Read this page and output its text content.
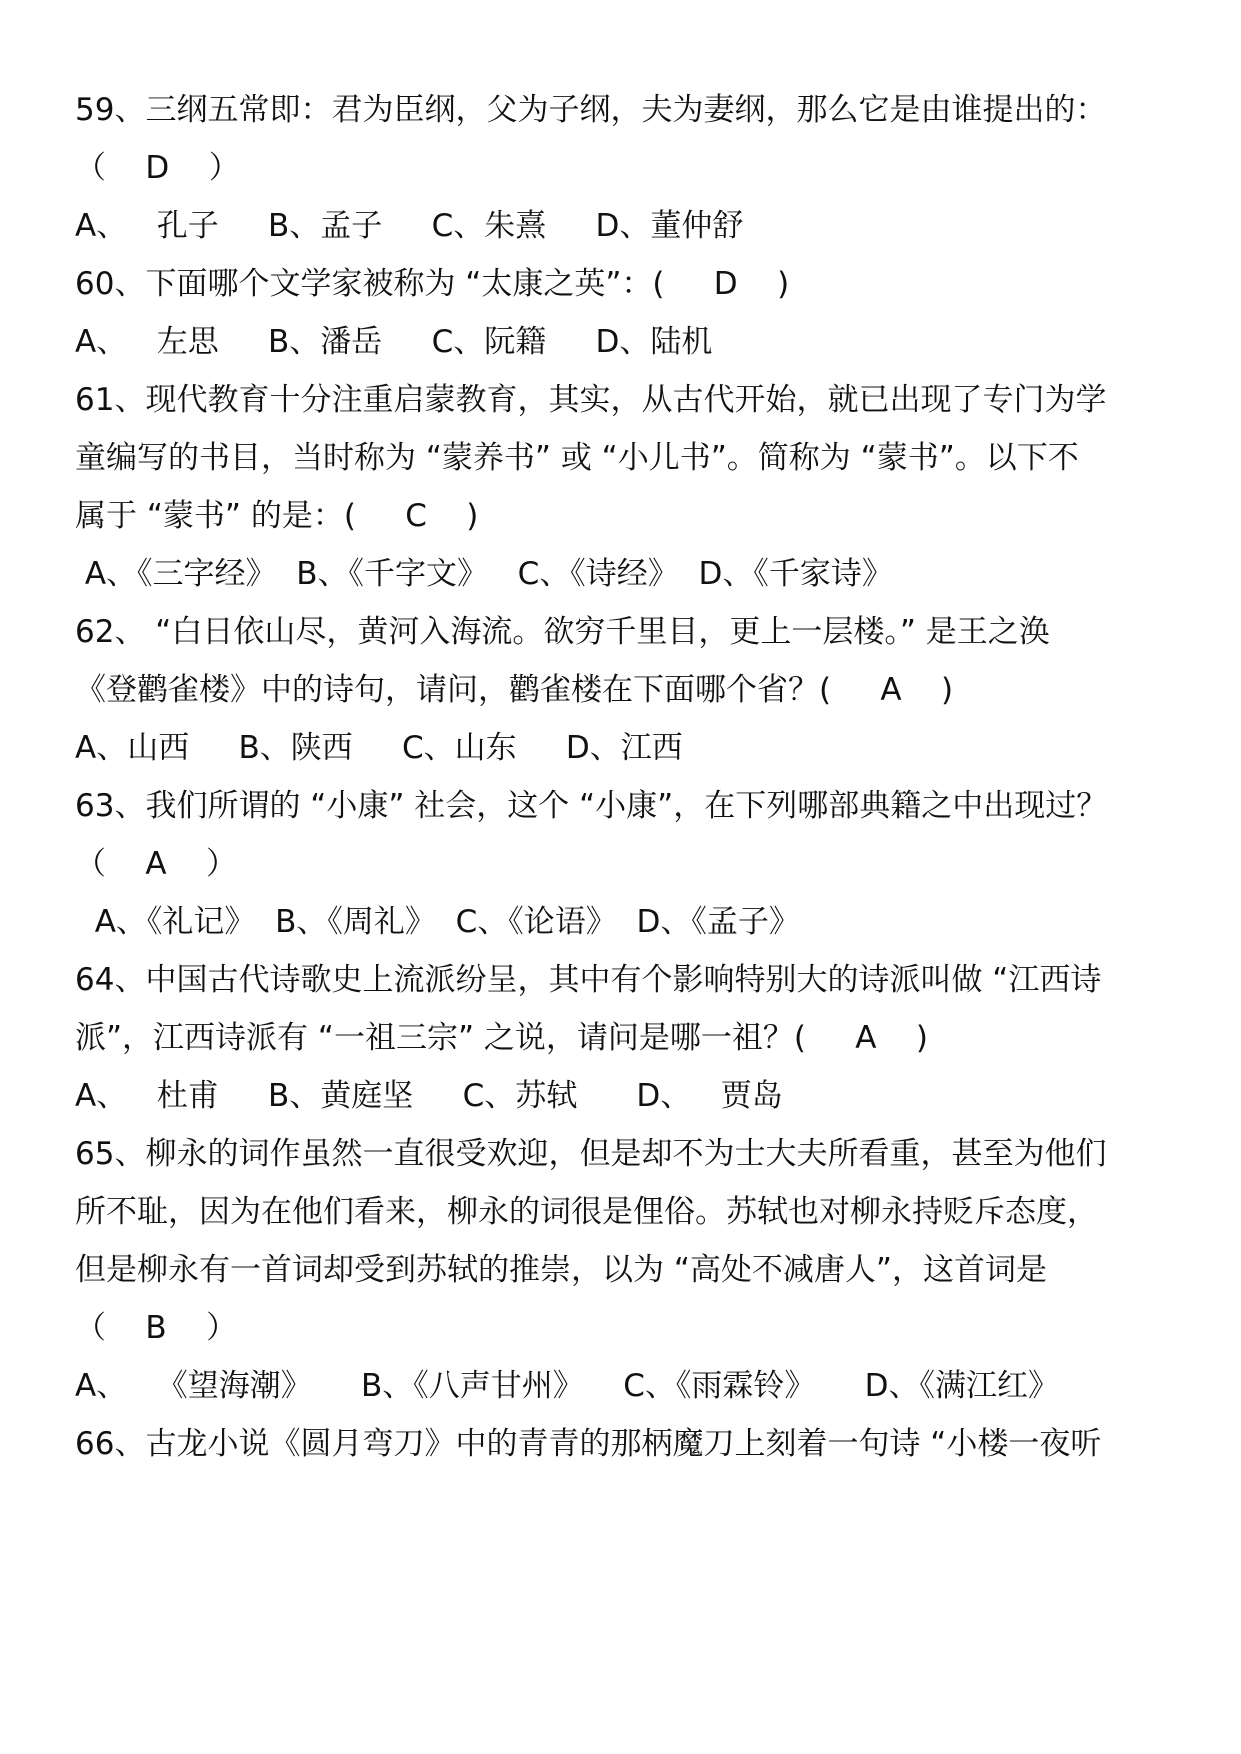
59、三纲五常即：君为臣纲，父为子纲，夫为妻纲，那么它是由谁提出的：
（    D    ）
A、   孔子     B、孟子     C、朱熹     D、董仲舒
60、下面哪个文学家被称为 “太康之英”：(     D    )
A、   左思     B、潘岳     C、阮籍     D、陆机
61、现代教育十分注重启蒙教育，其实，从古代开始，就已出现了专门为学
童编写的书目，当时称为 “蒙养书” 或 “小儿书”。简称为 “蒙书”。以下不
属于 “蒙书” 的是：(     C    )
A、《三字经》  B、《千字文》   C、《诗经》  D、《千家诗》
62、 “白日依山尽，黄河入海流。欲穷千里目，更上一层楼。” 是王之涣
《登鹳雀楼》中的诗句，请问，鹳雀楼在下面哪个省？(     A    )
A、山西     B、陕西     C、山东     D、江西
63、我们所谓的 “小康” 社会，这个 “小康”，在下列哪部典籍之中出现过？
（    A    ）
A、《礼记》  B、《周礼》  C、《论语》  D、《孟子》
64、中国古代诗歌史上流派纷呈，其中有个影响特别大的诗派叫做 “江西诗
派”，江西诗派有 “一祖三宗” 之说，请问是哪一祖？(     A    )
A、   杜甫     B、黄庭坚     C、苏轼      D、   贾岛
65、柳永的词作虽然一直很受欢迎，但是却不为士大夫所看重，甚至为他们
所不耻，因为在他们看来，柳永的词很是俚俗。苏轼也对柳永持贬斥态度，
但是柳永有一首词却受到苏轼的推崇，以为 “高处不减唐人”，这首词是
（    B    ）
A、   《望海潮》     B、《八声甘州》    C、《雨霖铃》     D、《满江红》
66、古龙小说《圆月弯刀》中的青青的那柄魔刀上刻着一句诗 “小楼一夜听
